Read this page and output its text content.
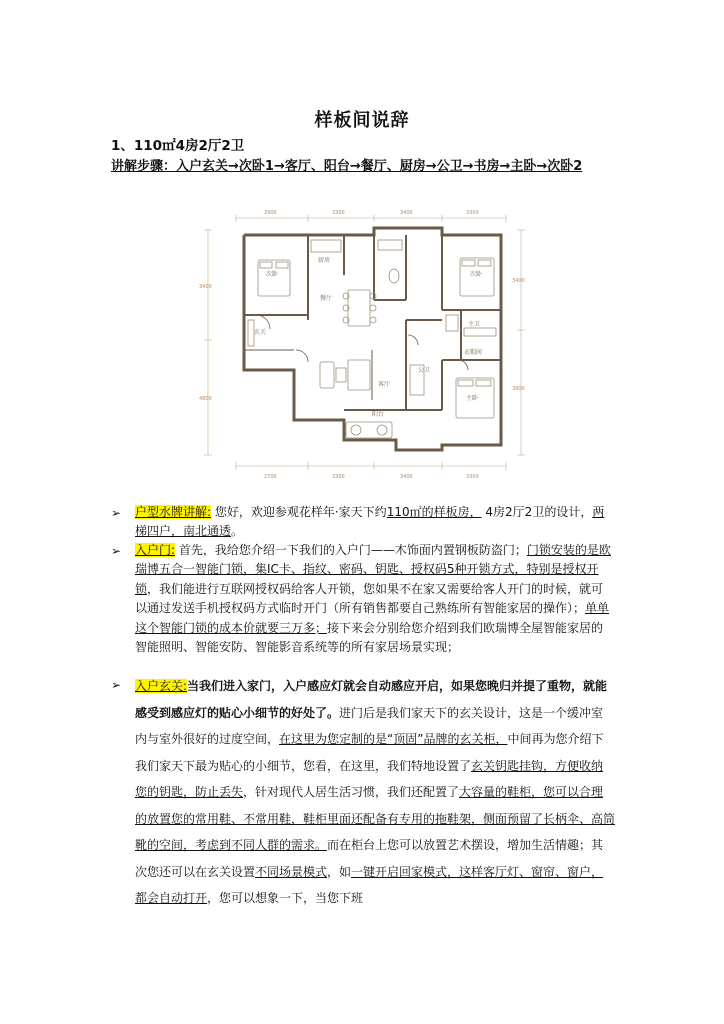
样板间说辞
1、110㎡4房2厅2卫
讲解步骤：入户玄关→次卧1→客厅、阳台→餐厅、厨房→公卫→书房→主卧→次卧2
2900	3300	3400	3300
2700	3300	3400	3300
3400
4800
3400
3900
次卧
厨房
餐厅
玄关
客厅
公卫
次卧
主卫
衣帽间
主卧
阳台
➢ 户型水牌讲解: 您好，欢迎参观花样年·家天下约110㎡的样板房， 4房2厅2卫的设计，两梯四户，南北通透。
➢ 入户门: 首先，我给您介绍一下我们的入户门——木饰面内置钢板防盗门；门锁安装的是欧瑞博五合一智能门锁，集IC卡、指纹、密码、钥匙、授权码5种开锁方式，特别是授权开锁，我们能进行互联网授权码给客人开锁，您如果不在家又需要给客人开门的时候，就可以通过发送手机授权码方式临时开门（所有销售都要自己熟练所有智能家居的操作）；单单这个智能门锁的成本价就要三万多；接下来会分别给您介绍到我们欧瑞博全屋智能家居的智能照明、智能安防、智能影音系统等的所有家居场景实现；
➢ 入户玄关:当我们进入家门，入户感应灯就会自动感应开启，如果您晚归并提了重物，就能感受到感应灯的贴心小细节的好处了。进门后是我们家天下的玄关设计，这是一个缓冲室内与室外很好的过度空间，在这里为您定制的是“顶固”品牌的玄关柜，中间再为您介绍下我们家天下最为贴心的小细节，您看，在这里，我们特地设置了玄关钥匙挂钩，方便收纳您的钥匙，防止丢失，针对现代人居生活习惯，我们还配置了大容量的鞋柜，您可以合理的放置您的常用鞋、不常用鞋，鞋柜里面还配备有专用的拖鞋架，侧面预留了长柄伞、高筒靴的空间，考虑到不同人群的需求。而在柜台上您可以放置艺术摆设，增加生活情趣；其次您还可以在玄关设置不同场景模式，如一键开启回家模式，这样客厅灯、窗帘、窗户，都会自动打开，您可以想象一下，当您下班
